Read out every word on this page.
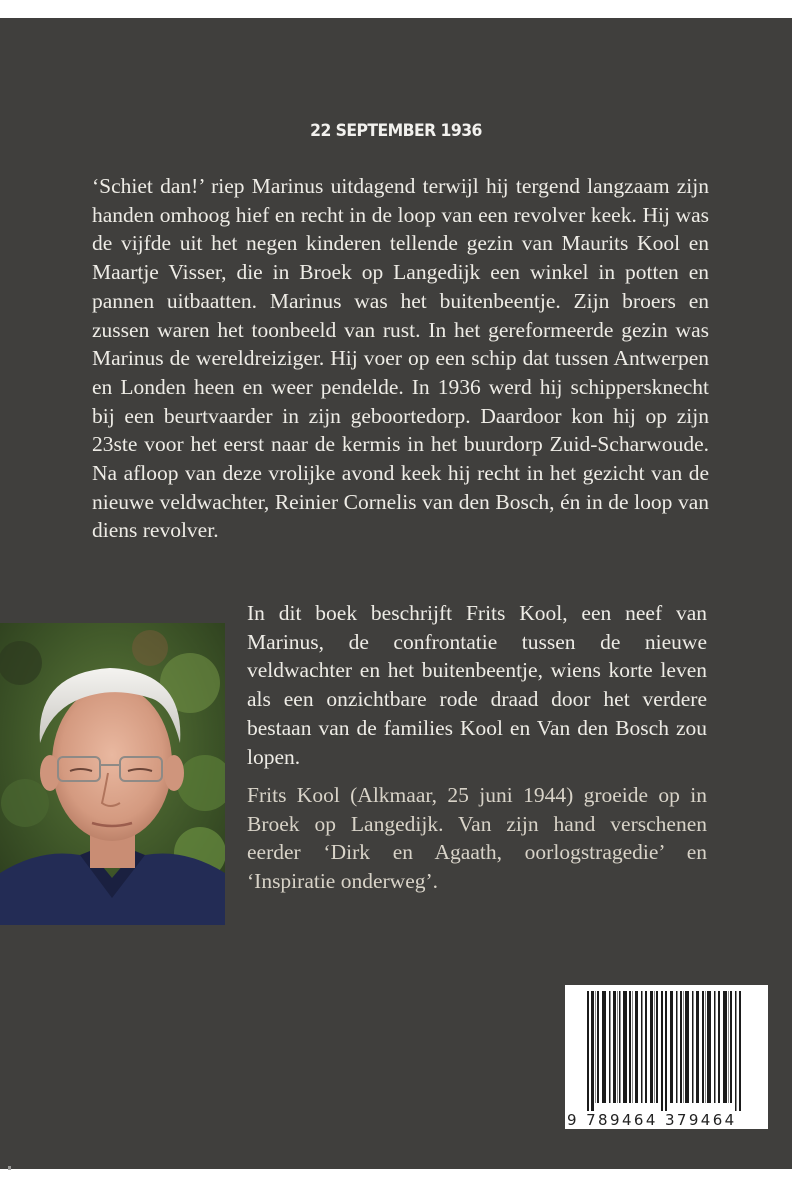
22 SEPTEMBER 1936

‘Schiet dan!’ riep Marinus uitdagend terwijl hij tergend langzaam zijn handen omhoog hief en recht in de loop van een revolver keek. Hij was de vijfde uit het negen kinderen tellende gezin van Maurits Kool en Maartje Visser, die in Broek op Langedijk een winkel in potten en pannen uitbaatten. Marinus was het buitenbeentje. Zijn broers en zussen waren het toonbeeld van rust. In het gereformeerde gezin was Marinus de wereldreiziger. Hij voer op een schip dat tussen Antwerpen en Londen heen en weer pendelde. In 1936 werd hij schippersknecht bij een beurtvaarder in zijn geboortedorp. Daardoor kon hij op zijn 23ste voor het eerst naar de kermis in het buurdorp Zuid-Scharwoude. Na afloop van deze vrolijke avond keek hij recht in het gezicht van de nieuwe veldwachter, Reinier Cornelis van den Bosch, én in de loop van diens revolver.

In dit boek beschrijft Frits Kool, een neef van Marinus, de confrontatie tussen de nieuwe veldwachter en het buitenbeentje, wiens korte leven als een onzichtbare rode draad door het verdere bestaan van de families Kool en Van den Bosch zou lopen.

Frits Kool (Alkmaar, 25 juni 1944) groeide op in Broek op Langedijk. Van zijn hand verschenen eerder ‘Dirk en Agaath, oorlogstragedie’ en ‘Inspiratie onderweg’.

9 789464 379464
